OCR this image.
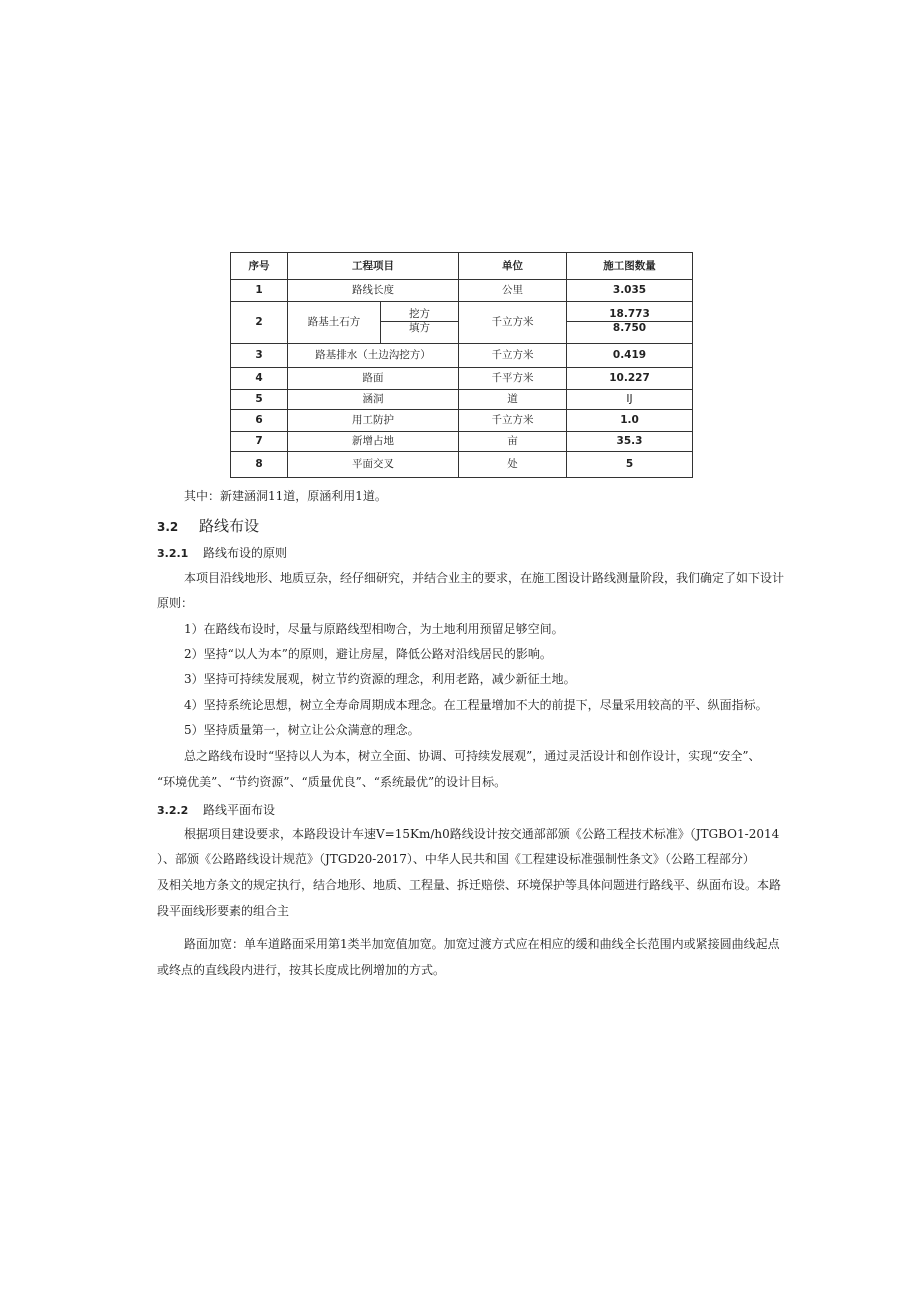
序号	工程项目		单位	施工图数量
1	路线长度		公里	3.035
2	路基土石方	挖方	千立方米	18.773
		填方		8.750
3	路基排水（土边沟挖方）		千立方米	0.419
4	路面		千平方米	10.227
5	涵洞		道	IJ
6	用工防护		千立方米	1.0
7	新增占地		亩	35.3
8	平面交叉		处	5
其中：新建涵洞11道，原涵利用1道。
3.2 路线布设
3.2.1 路线布设的原则
本项目沿线地形、地质豆杂，经仔细研究，并结合业主的要求，在施工图设计路线测量阶段，我们确定了如下设计
原则：
1）在路线布设时，尽量与原路线型相吻合，为土地利用预留足够空间。
2）坚持“以人为本”的原则，避让房屋，降低公路对沿线居民的影响。
3）坚持可持续发展观，树立节约资源的理念，利用老路，减少新征土地。
4）坚持系统论思想，树立全寿命周期成本理念。在工程量增加不大的前提下，尽量采用较高的平、纵面指标。
5）坚持质量第一，树立让公众满意的理念。
总之路线布设时“坚持以人为本，树立全面、协调、可持续发展观”，通过灵活设计和创作设计，实现“安全”、
“环境优美”、“节约资源”、“质量优良”、“系统最优”的设计目标。
3.2.2 路线平面布设
根据项目建设要求，本路段设计车速V=15Km∕h0路线设计按交通部部颁《公路工程技术标准》（JTGBO1-2014
）、部颁《公路路线设计规范》（JTGD20-2017）、中华人民共和国《工程建设标准强制性条文》（公路工程部分）
及相关地方条文的规定执行，结合地形、地质、工程量、拆迁赔偿、环境保护等具体问题进行路线平、纵面布设。本路
段平面线形要素的组合主
路面加宽：单车道路面采用第1类半加宽值加宽。加宽过渡方式应在相应的缓和曲线全长范围内或紧接圆曲线起点
或终点的直线段内进行，按其长度成比例增加的方式。
